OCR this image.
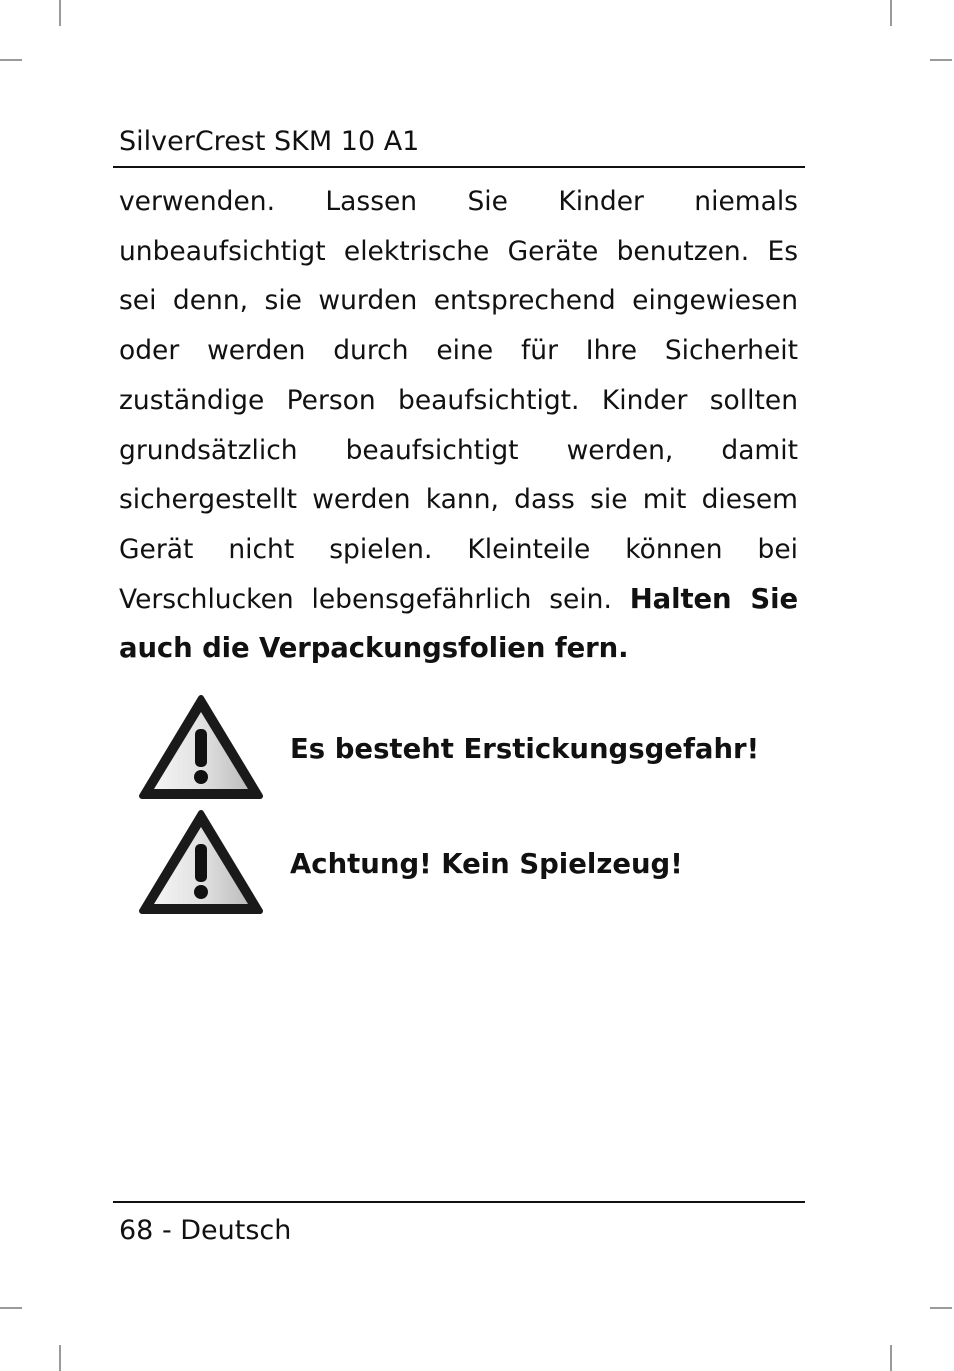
SilverCrest SKM 10 A1
verwenden. Lassen Sie Kinder niemals unbeaufsichtigt elektrische Geräte benutzen. Es sei denn, sie wurden entsprechend eingewiesen oder werden durch eine für Ihre Sicherheit zuständige Person beaufsichtigt. Kinder sollten grundsätzlich beaufsichtigt werden, damit sichergestellt werden kann, dass sie mit diesem Gerät nicht spielen. Kleinteile können bei Verschlucken lebensgefährlich sein. Halten Sie auch die Verpackungsfolien fern.
Es besteht Erstickungsgefahr!
Achtung! Kein Spielzeug!
68 - Deutsch
